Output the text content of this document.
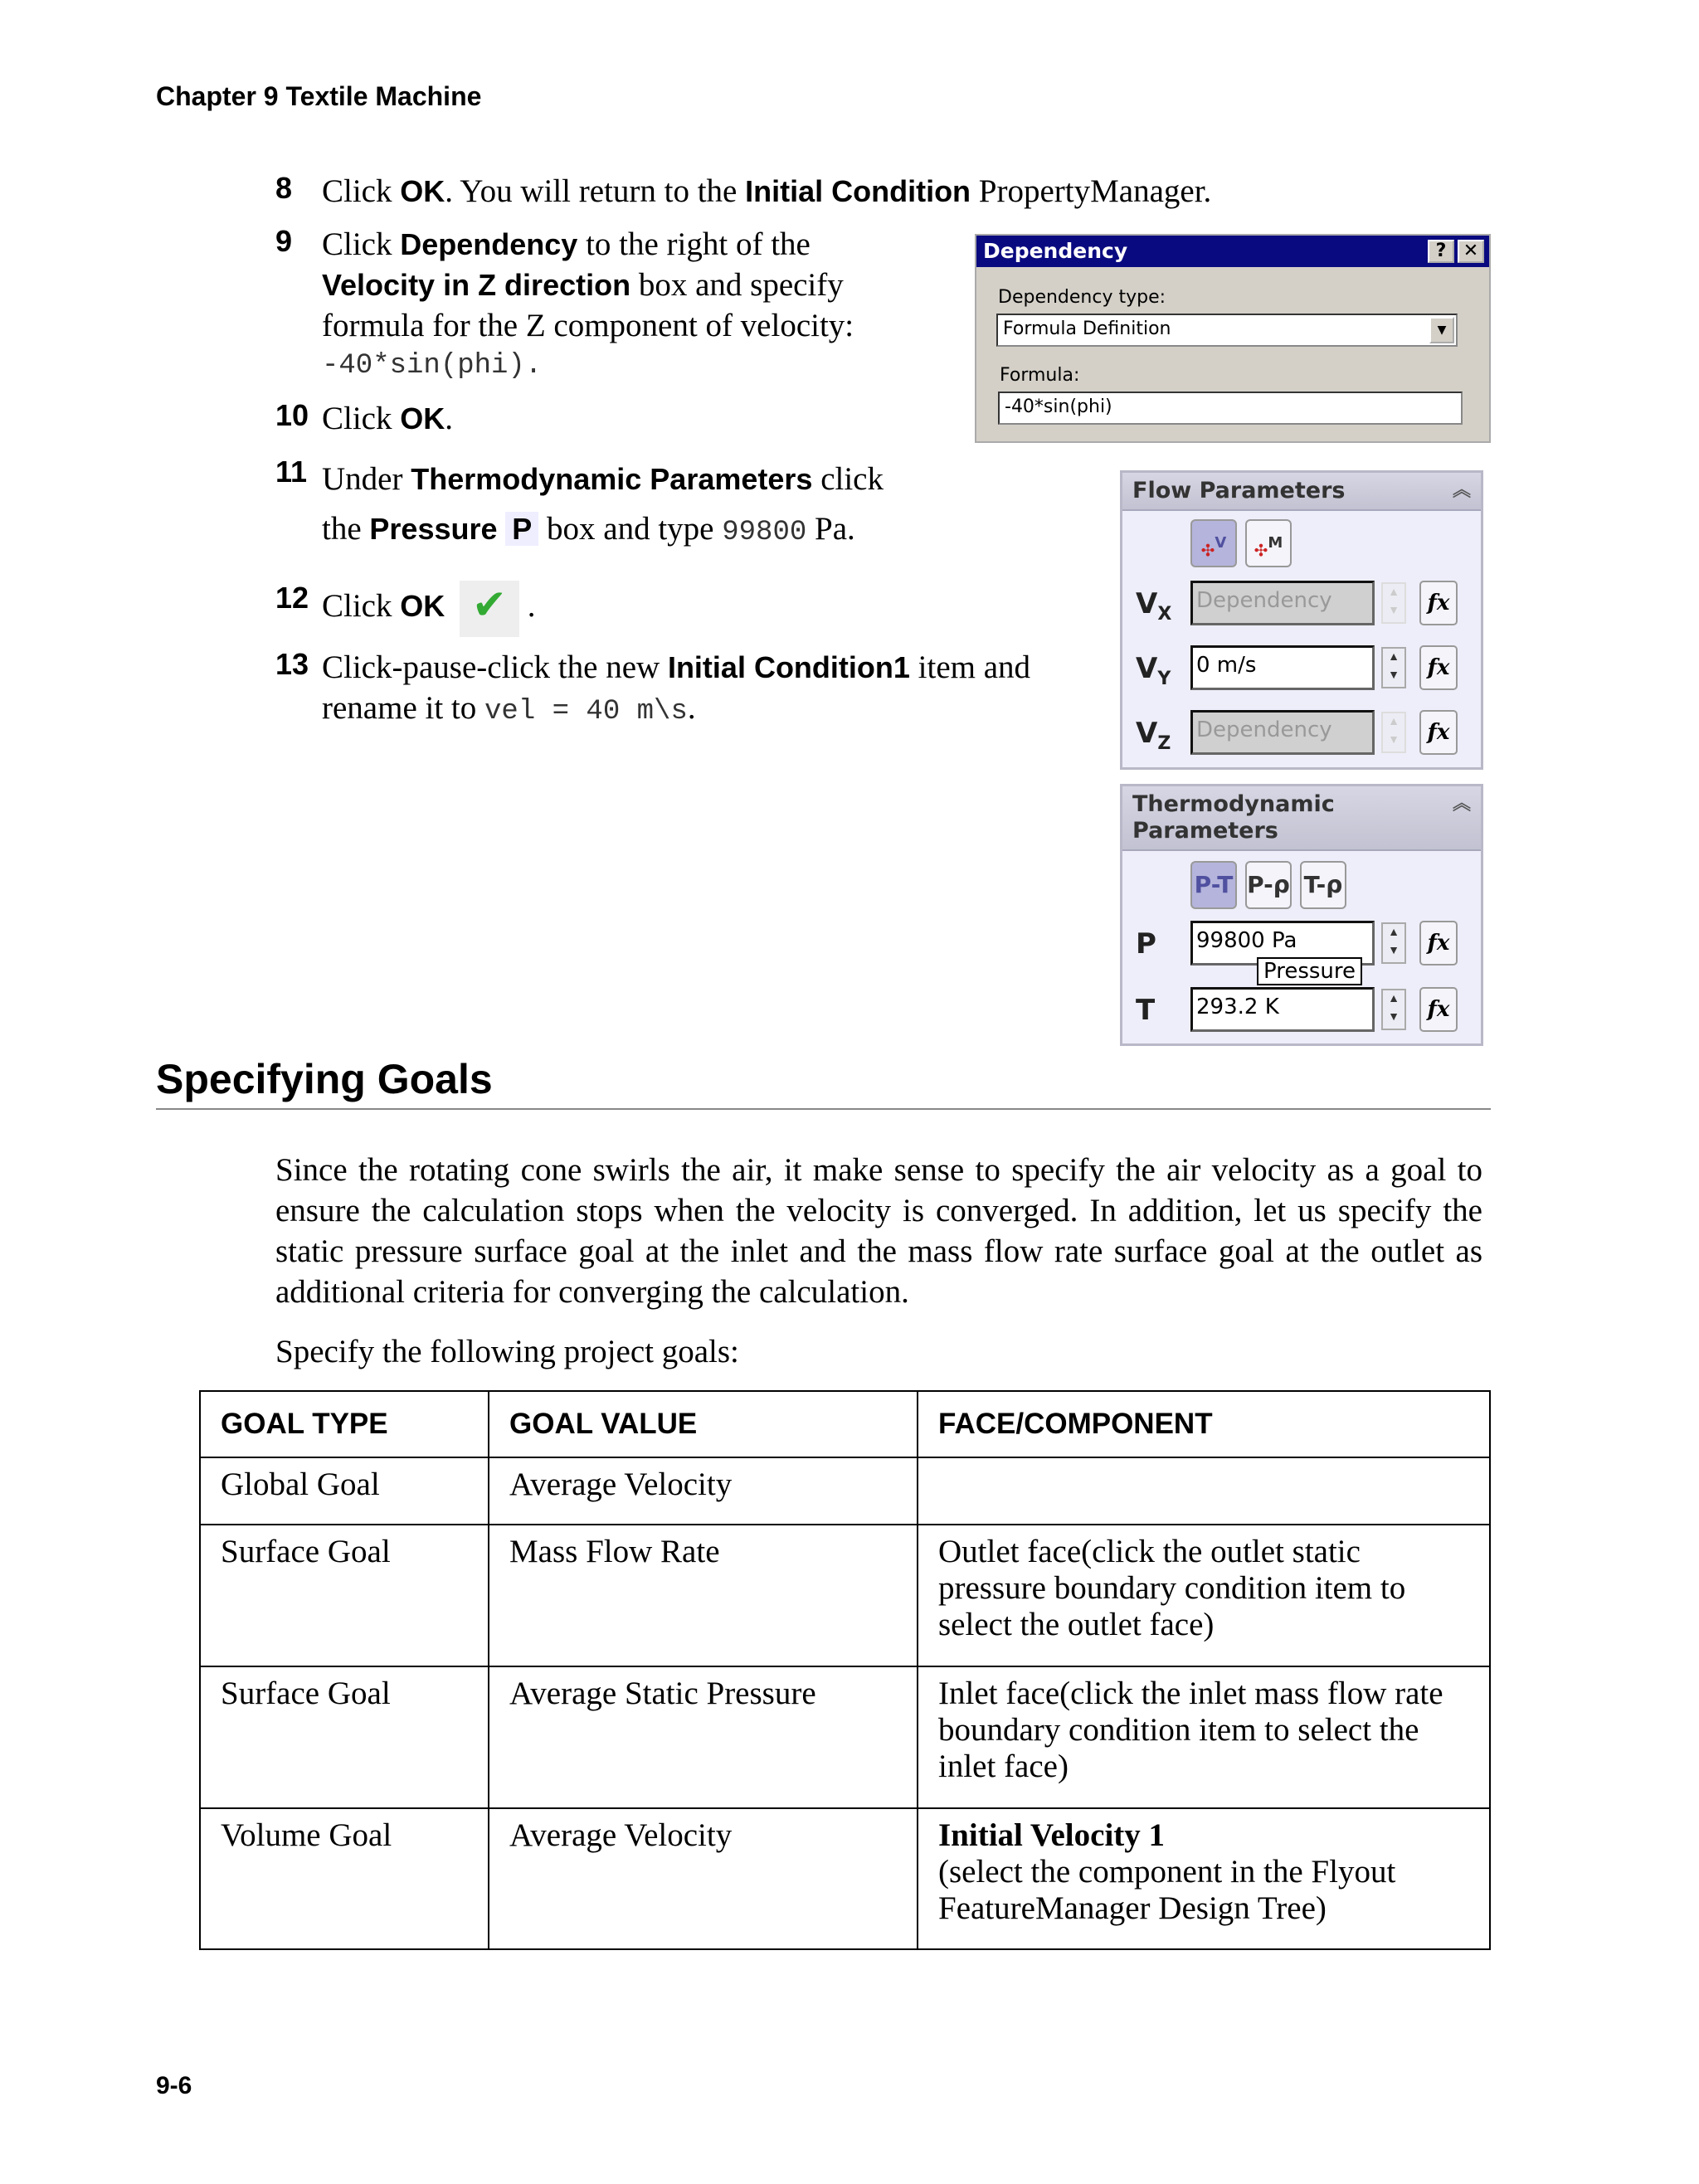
Chapter 9 Textile Machine
8 Click OK. You will return to the Initial Condition PropertyManager.
9 Click Dependency to the right of the
Velocity in Z direction box and specify
formula for the Z component of velocity:
-40*sin(phi).
10 Click OK.
11 Under Thermodynamic Parameters click
the Pressure P box and type 99800 Pa.
12 Click OK ✔ .
13 Click-pause-click the new Initial Condition1 item and
rename it to vel = 40 m\s.
Dependency	? ✕
Dependency type:
Formula Definition	▼
Formula:
-40*sin(phi)
Flow Parameters	︽
✣$^V$	✣$^M$
$V_X$
Dependency	▲
▼	fx
$V_Y$
0 m/s	▲
▼	fx
$V_Z$
Dependency	▲
▼	fx
Thermodynamic
Parameters
︽
P-T P-ρ T-ρ
P 99800 Pa	▲
▼	fx
T 293.2 K	▲
▼	fx
Pressure
Specifying Goals
Since the rotating cone swirls the air, it make sense to specify the air velocity as a goal to ensure the calculation stops when the velocity is converged. In addition, let us specify the static pressure surface goal at the inlet and the mass flow rate surface goal at the outlet as additional criteria for converging the calculation.
Specify the following project goals:
GOAL TYPE	GOAL VALUE	FACE/COMPONENT
Global Goal	Average Velocity	
Surface Goal	Mass Flow Rate	Outlet face(click the outlet static pressure boundary condition item to select the outlet face)
Surface Goal	Average Static Pressure	Inlet face(click the inlet mass flow rate boundary condition item to select the inlet face)
Volume Goal	Average Velocity	Initial Velocity 1
(select the component in the Flyout FeatureManager Design Tree)
9-6
